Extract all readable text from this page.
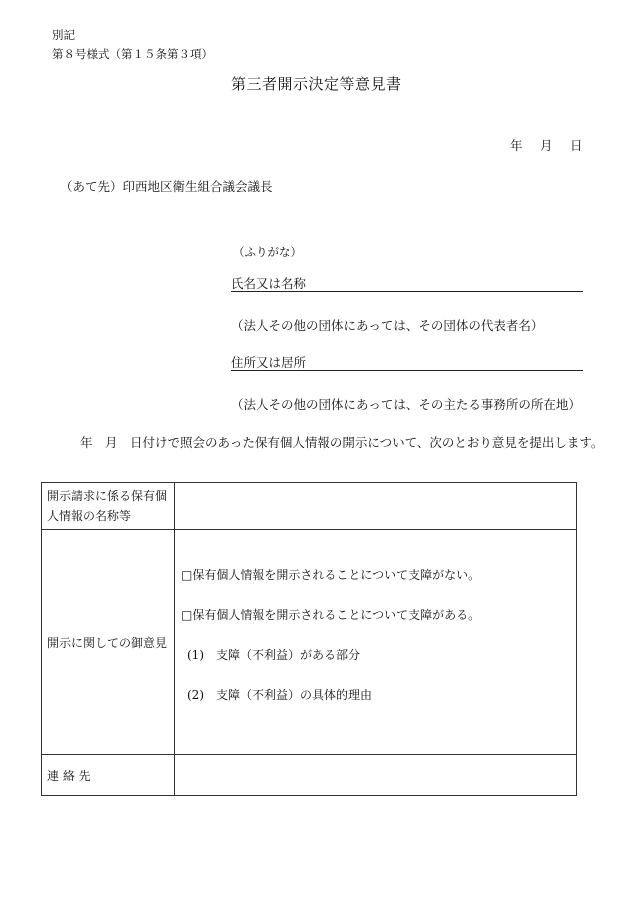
別記
第８号様式（第１５条第３項）
第三者開示決定等意見書
年 月 日
（あて先）印西地区衛生組合議会議長
（ふりがな）
氏名又は名称
（法人その他の団体にあっては、その団体の代表者名）
住所又は居所
（法人その他の団体にあっては、その主たる事務所の所在地）
年　月　日付けで照会のあった保有個人情報の開示について、次のとおり意見を提出します。
開示請求に係る保有個人情報の名称等	

開示に関しての御意見	□保有個人情報を開示されることについて支障がない。
□保有個人情報を開示されることについて支障がある。
(1)　支障（不利益）がある部分
(2)　支障（不利益）の具体的理由

連 絡 先	
